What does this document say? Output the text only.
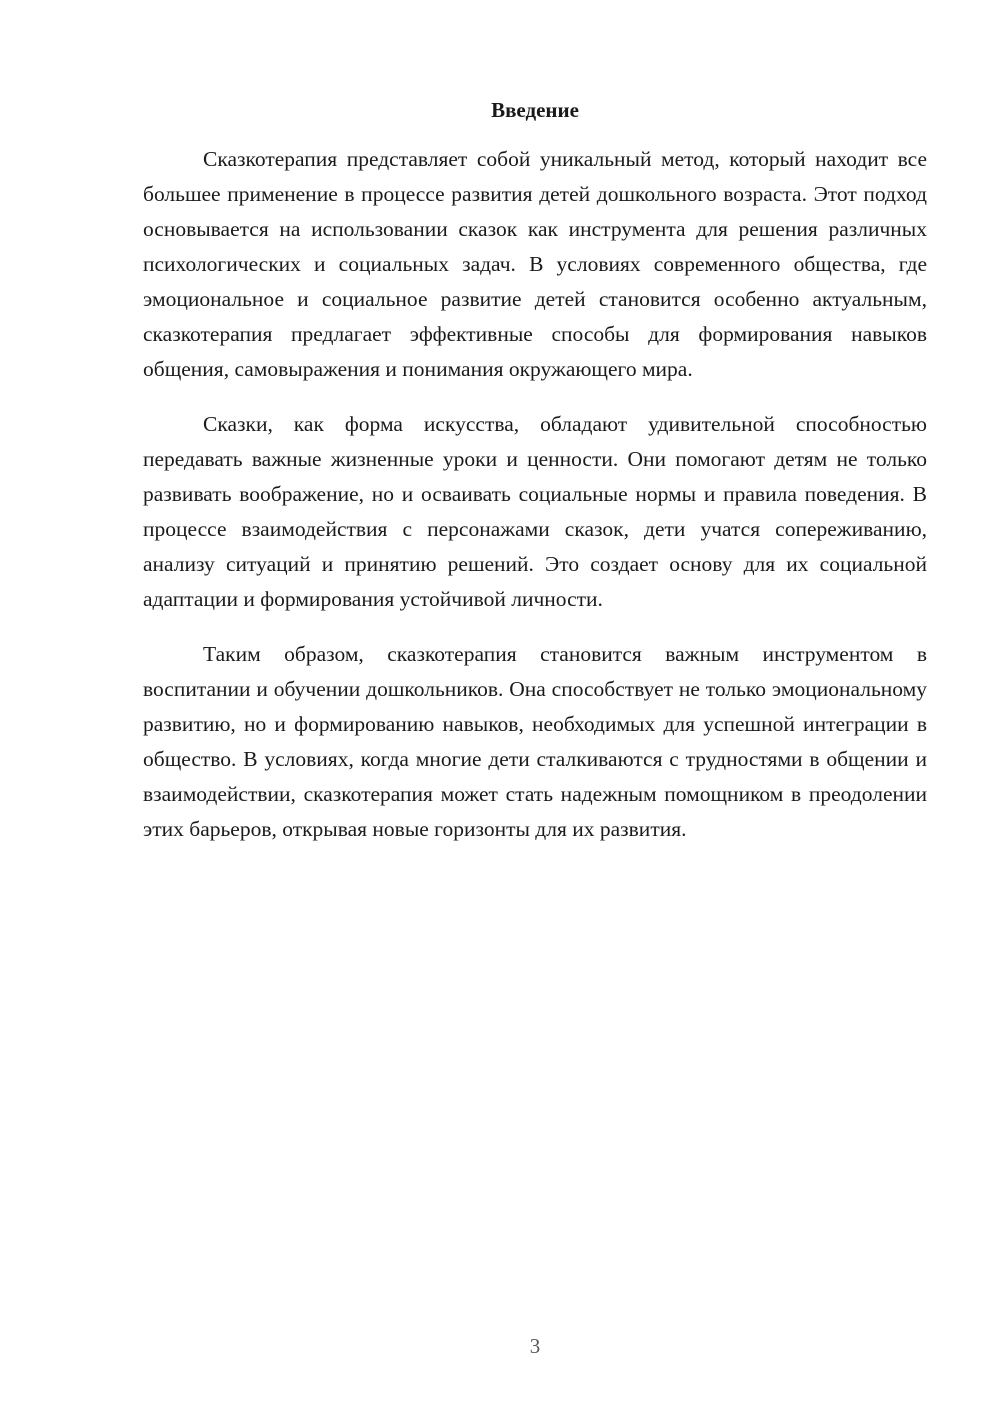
Введение

Сказкотерапия представляет собой уникальный метод, который находит все большее применение в процессе развития детей дошкольного возраста. Этот подход основывается на использовании сказок как инструмента для решения различных психологических и социальных задач. В условиях современного общества, где эмоциональное и социальное развитие детей становится особенно актуальным, сказкотерапия предлагает эффективные способы для формирования навыков общения, самовыражения и понимания окружающего мира.

Сказки, как форма искусства, обладают удивительной способностью передавать важные жизненные уроки и ценности. Они помогают детям не только развивать воображение, но и осваивать социальные нормы и правила поведения. В процессе взаимодействия с персонажами сказок, дети учатся сопереживанию, анализу ситуаций и принятию решений. Это создает основу для их социальной адаптации и формирования устойчивой личности.

Таким образом, сказкотерапия становится важным инструментом в воспитании и обучении дошкольников. Она способствует не только эмоциональному развитию, но и формированию навыков, необходимых для успешной интеграции в общество. В условиях, когда многие дети сталкиваются с трудностями в общении и взаимодействии, сказкотерапия может стать надежным помощником в преодолении этих барьеров, открывая новые горизонты для их развития.

3
